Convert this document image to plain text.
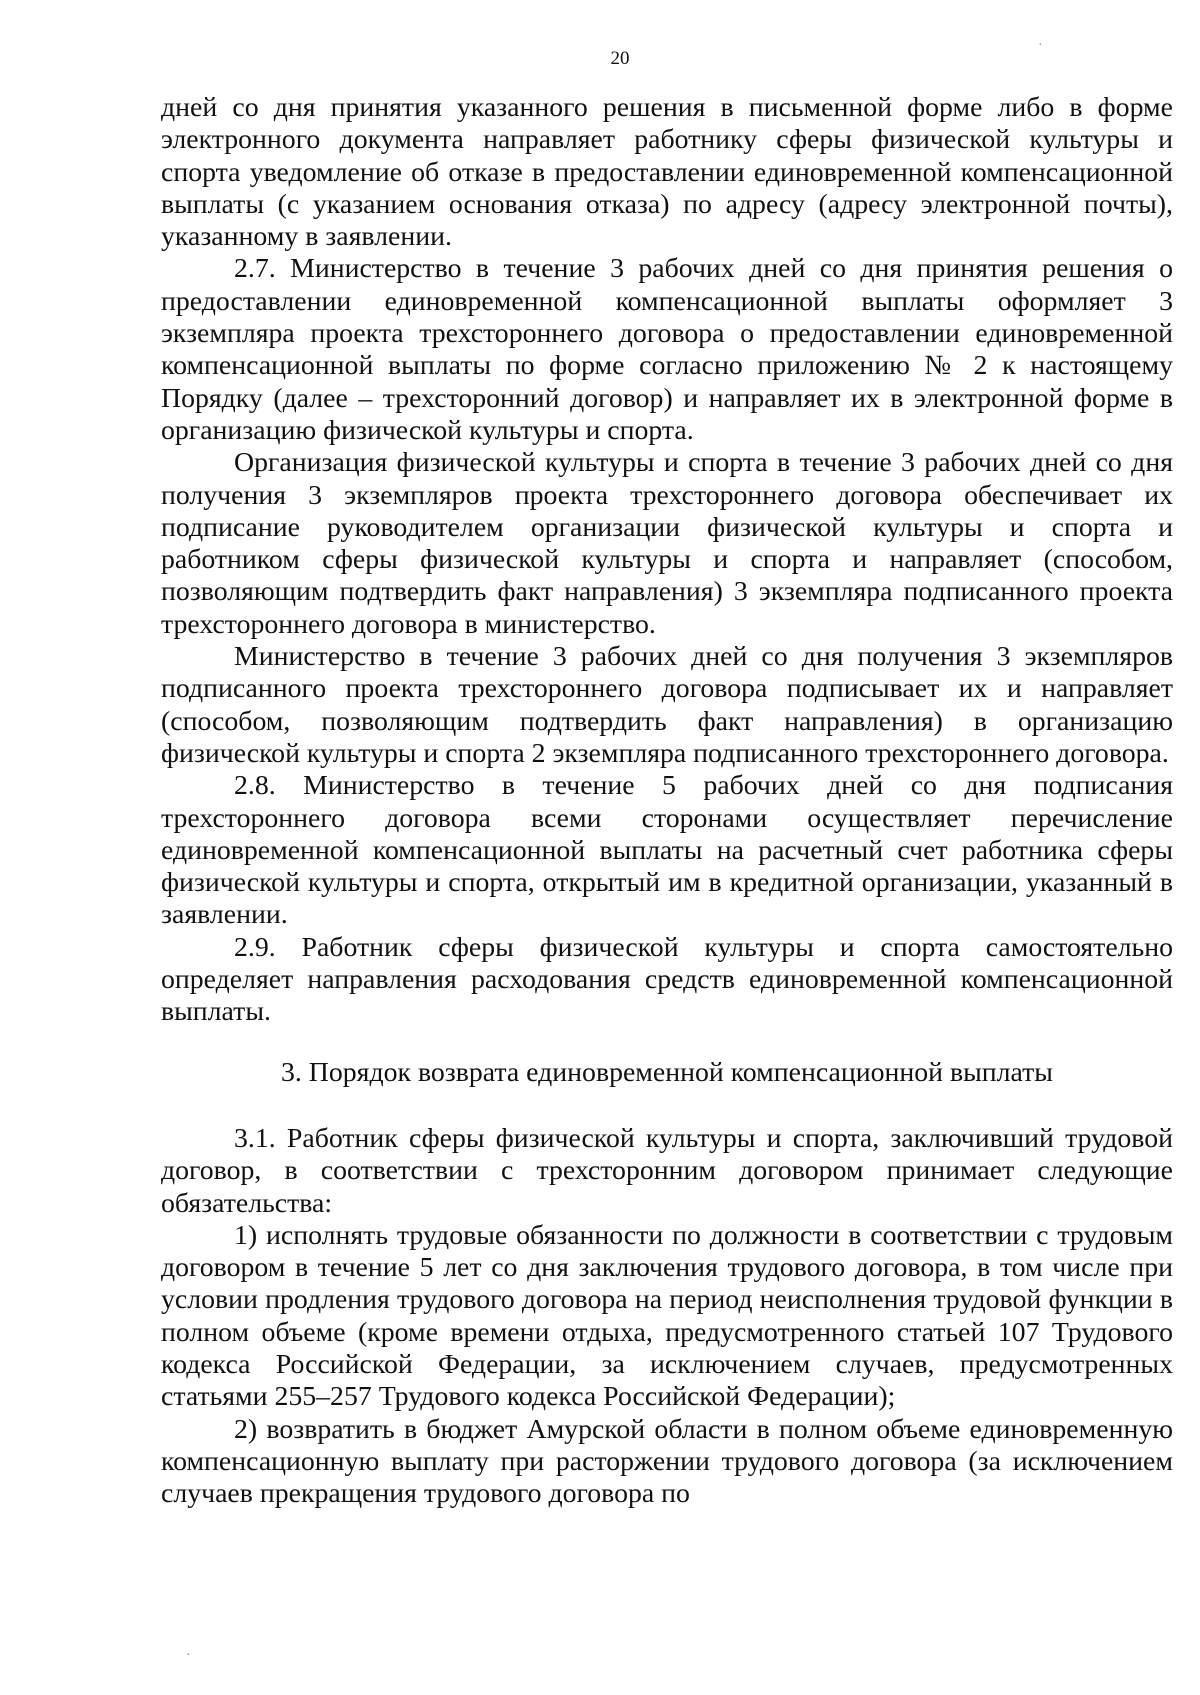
20

дней со дня принятия указанного решения в письменной форме либо в форме электронного документа направляет работнику сферы физической культуры и спорта уведомление об отказе в предоставлении единовременной компенсационной выплаты (с указанием основания отказа) по адресу (адресу электронной почты), указанному в заявлении.

2.7. Министерство в течение 3 рабочих дней со дня принятия решения о предоставлении единовременной компенсационной выплаты оформляет 3 экземпляра проекта трехстороннего договора о предоставлении единовременной компенсационной выплаты по форме согласно приложению № 2 к настоящему Порядку (далее – трехсторонний договор) и направляет их в электронной форме в организацию физической культуры и спорта.

Организация физической культуры и спорта в течение 3 рабочих дней со дня получения 3 экземпляров проекта трехстороннего договора обеспечивает их подписание руководителем организации физической культуры и спорта и работником сферы физической культуры и спорта и направляет (способом, позволяющим подтвердить факт направления) 3 экземпляра подписанного проекта трехстороннего договора в министерство.

Министерство в течение 3 рабочих дней со дня получения 3 экземпляров подписанного проекта трехстороннего договора подписывает их и направляет (способом, позволяющим подтвердить факт направления) в организацию физической культуры и спорта 2 экземпляра подписанного трехстороннего договора.

2.8. Министерство в течение 5 рабочих дней со дня подписания трехстороннего договора всеми сторонами осуществляет перечисление единовременной компенсационной выплаты на расчетный счет работника сферы физической культуры и спорта, открытый им в кредитной организации, указанный в заявлении.

2.9. Работник сферы физической культуры и спорта самостоятельно определяет направления расходования средств единовременной компенсационной выплаты.

3. Порядок возврата единовременной компенсационной выплаты

3.1. Работник сферы физической культуры и спорта, заключивший трудовой договор, в соответствии с трехсторонним договором принимает следующие обязательства:

1) исполнять трудовые обязанности по должности в соответствии с трудовым договором в течение 5 лет со дня заключения трудового договора, в том числе при условии продления трудового договора на период неисполнения трудовой функции в полном объеме (кроме времени отдыха, предусмотренного статьей 107 Трудового кодекса Российской Федерации, за исключением случаев, предусмотренных статьями 255–257 Трудового кодекса Российской Федерации);

2) возвратить в бюджет Амурской области в полном объеме единовременную компенсационную выплату при расторжении трудового договора (за исключением случаев прекращения трудового договора по

·
·
